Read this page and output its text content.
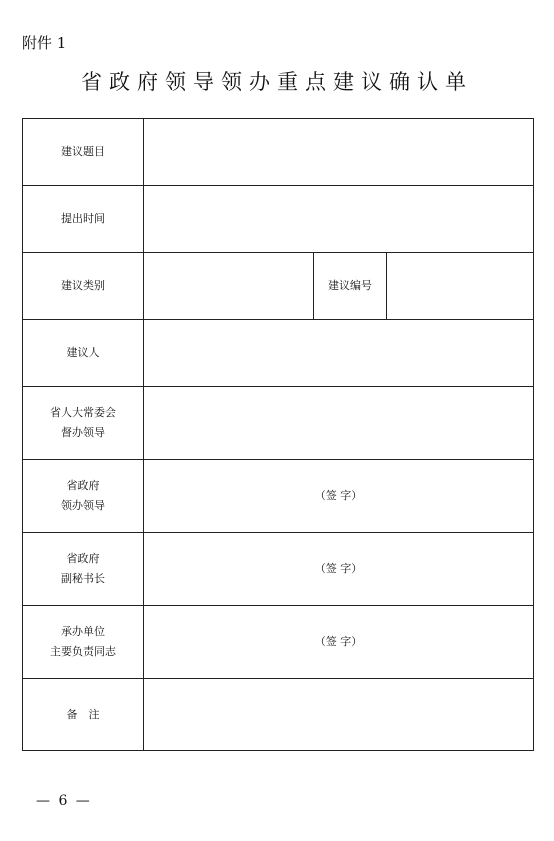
附件 1
省政府领导领办重点建议确认单
建议题目			
提出时间			
建议类别		建议编号	
建议人			

省人大常委会
督办领导			

省政府
领办领导	（签 字）		

省政府
副秘书长	（签 字）		

承办单位
主要负责同志	（签 字）		
备　注			
— 6 —
